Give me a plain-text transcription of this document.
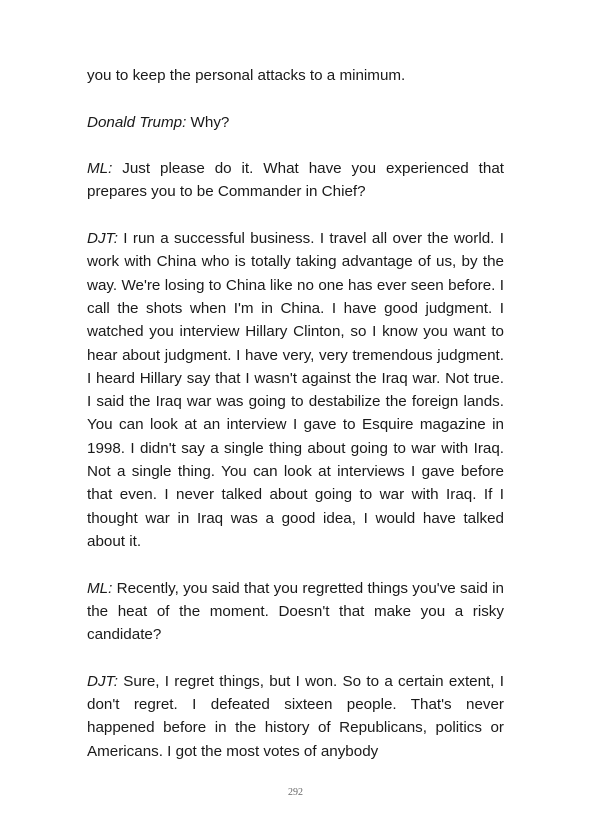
you to keep the personal attacks to a minimum.

Donald Trump: Why?

ML: Just please do it. What have you experienced that prepares you to be Commander in Chief?

DJT: I run a successful business. I travel all over the world. I work with China who is totally taking advantage of us, by the way. We're losing to China like no one has ever seen before. I call the shots when I'm in China. I have good judgment. I watched you interview Hillary Clinton, so I know you want to hear about judgment. I have very, very tremendous judgment. I heard Hillary say that I wasn't against the Iraq war. Not true. I said the Iraq war was going to destabilize the foreign lands. You can look at an interview I gave to Esquire magazine in 1998. I didn't say a single thing about going to war with Iraq. Not a single thing. You can look at interviews I gave before that even. I never talked about going to war with Iraq. If I thought war in Iraq was a good idea, I would have talked about it.

ML: Recently, you said that you regretted things you've said in the heat of the moment. Doesn't that make you a risky candidate?

DJT: Sure, I regret things, but I won. So to a certain extent, I don't regret. I defeated sixteen people. That's never happened before in the history of Republicans, politics or Americans. I got the most votes of anybody

292
